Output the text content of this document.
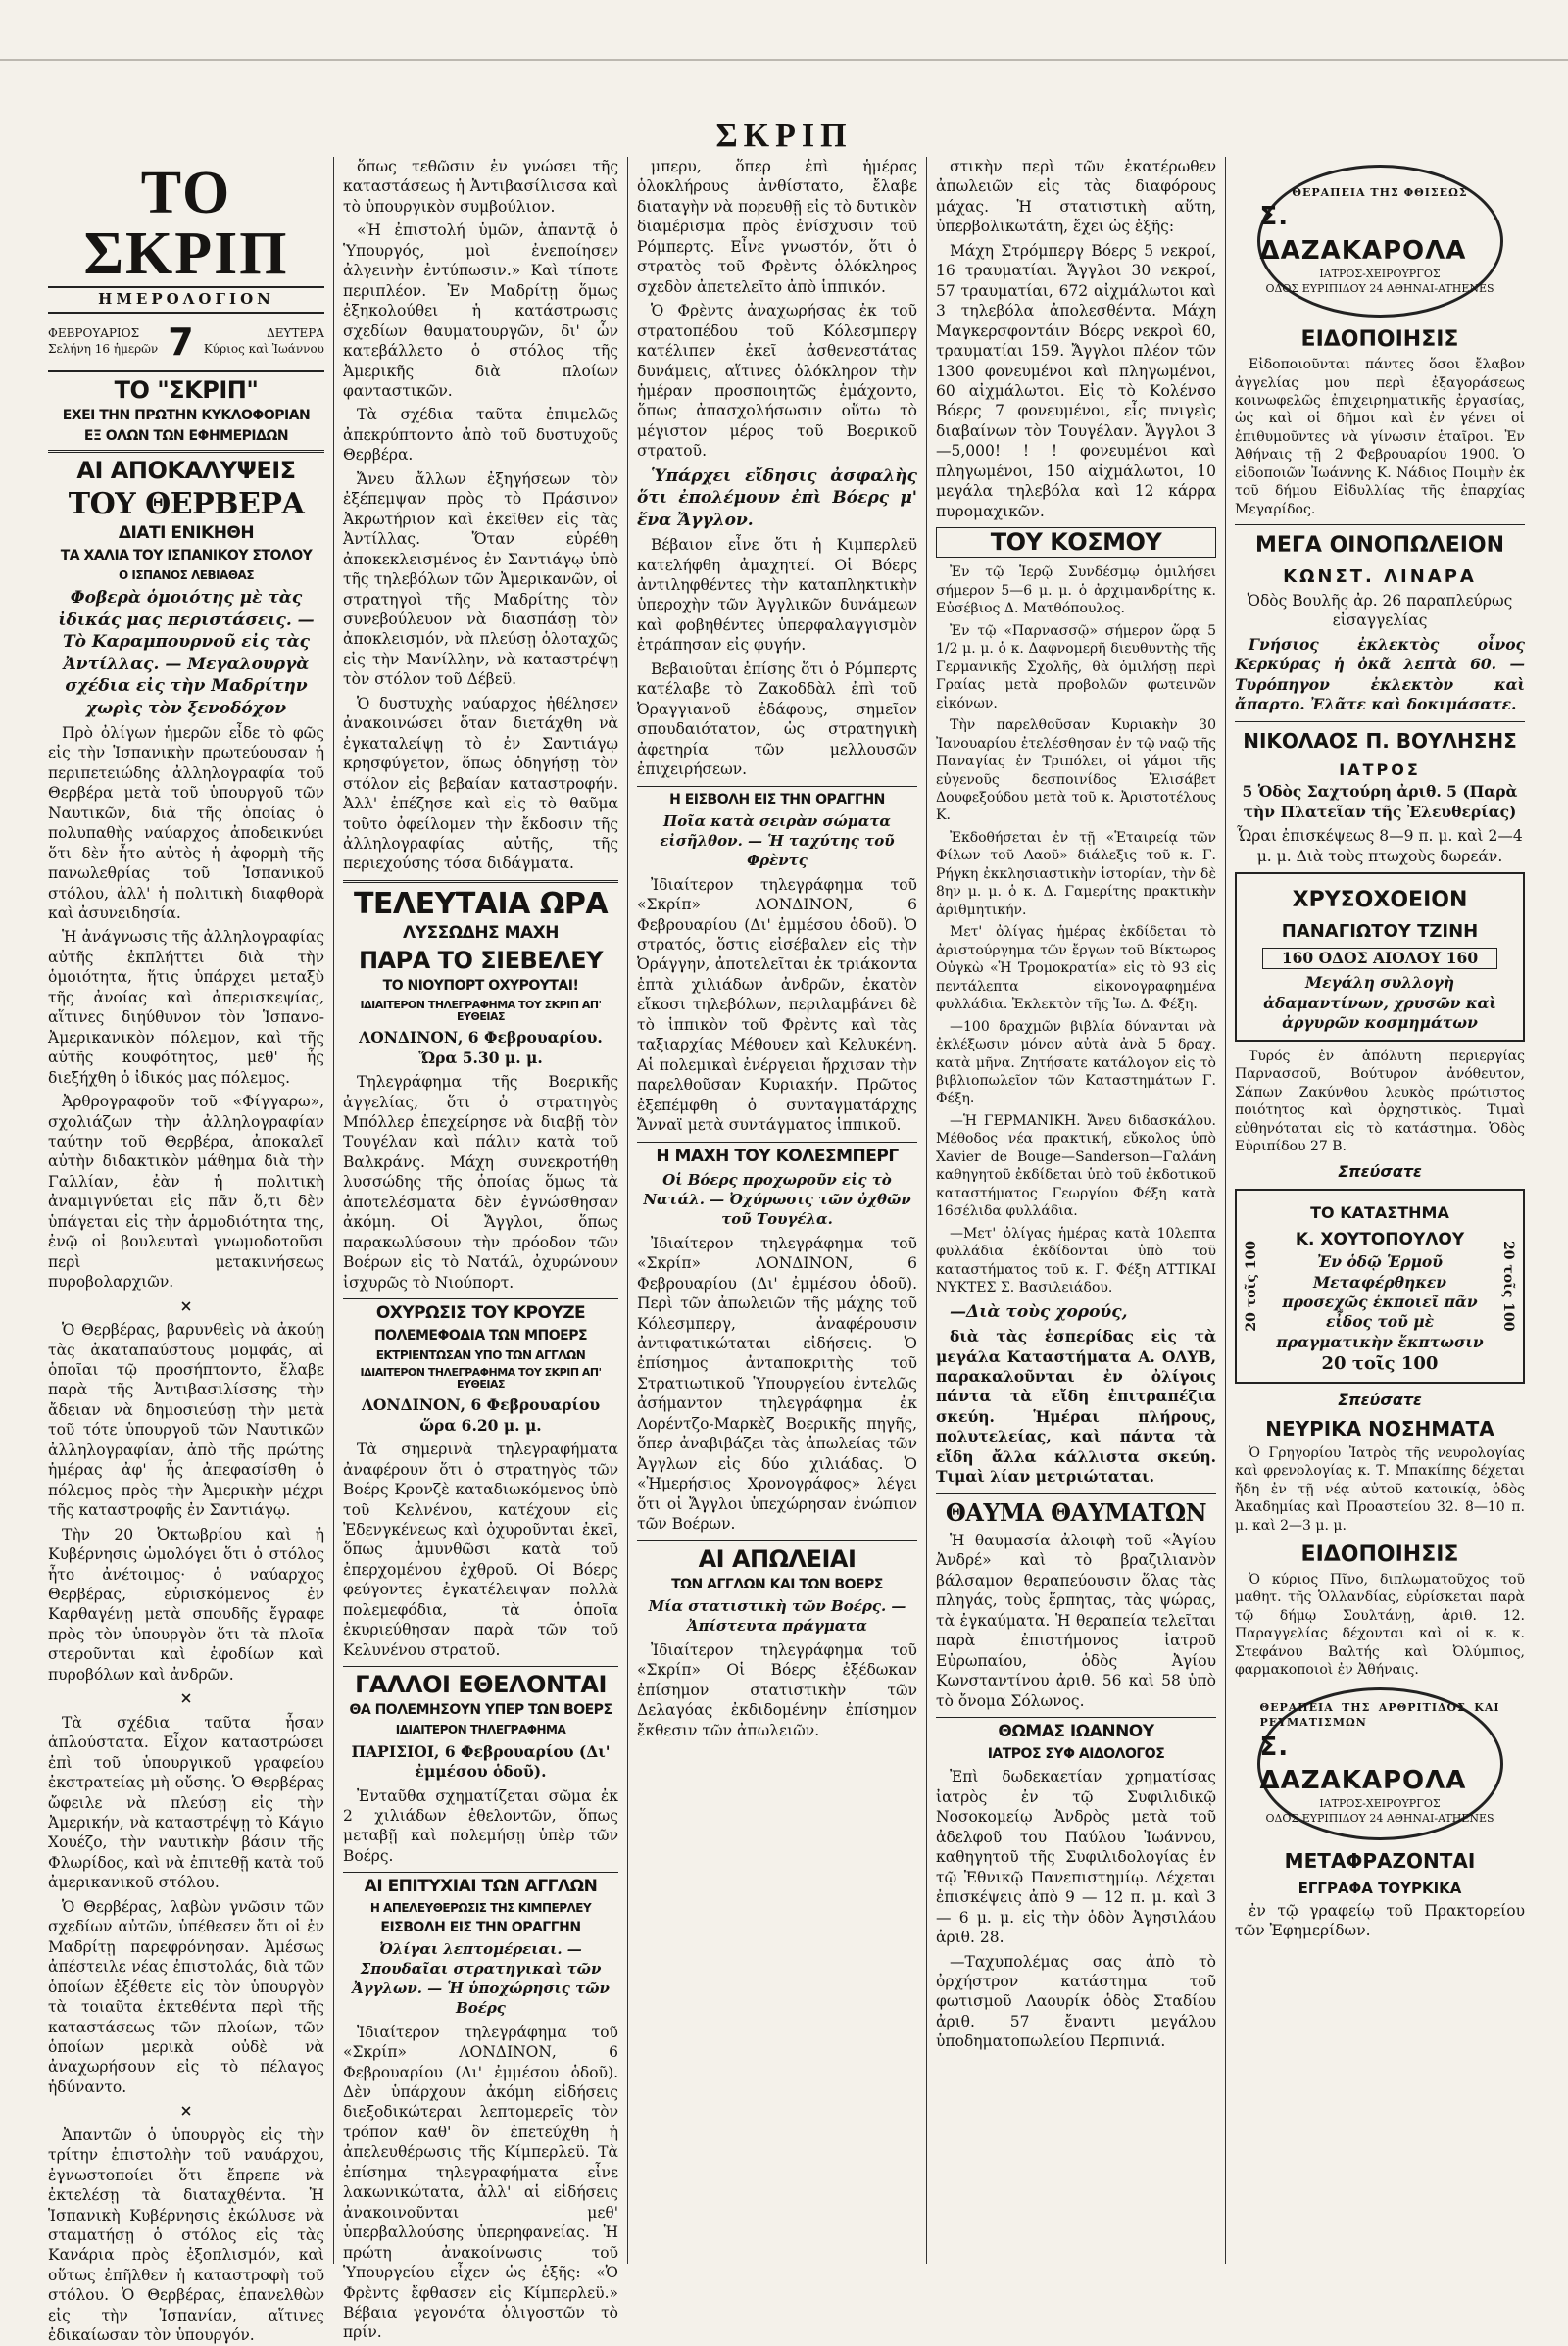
ΣΚΡΙΠ
ΤΟ ΣΚΡΙΠ
ΗΜΕΡΟΛΟΓΙΟΝ
ΦΕΒΡΟΥΑΡΙΟΣ
Σελήνη 16 ἡμερῶν 7	ΔΕΥΤΕΡΑ
Κύριος καὶ Ἰωάννου
ΤΟ "ΣΚΡΙΠ"
ΕΧΕΙ ΤΗΝ ΠΡΩΤΗΝ ΚΥΚΛΟΦΟΡΙΑΝ
ΕΞ ΟΛΩΝ ΤΩΝ ΕΦΗΜΕΡΙΔΩΝ
ΑΙ ΑΠΟΚΑΛΥΨΕΙΣ
ΤΟΥ ΘΕΡΒΕΡΑ
ΔΙΑΤΙ ΕΝΙΚΗΘΗ
ΤΑ ΧΑΛΙΑ ΤΟΥ ΙΣΠΑΝΙΚΟΥ ΣΤΟΛΟΥ
Ο ΙΣΠΑΝΟΣ ΛΕΒΙΑΘΑΣ

Φοβερὰ ὁμοιότης μὲ τὰς ἰδικάς μας περιστάσεις. — Τὸ Καραμπουρνοῦ εἰς τὰς Ἀντίλλας. — Μεγαλουργὰ σχέδια εἰς τὴν Μαδρίτην χωρὶς τὸν ξενοδόχον

Πρὸ ὀλίγων ἡμερῶν εἶδε τὸ φῶς εἰς τὴν Ἱσπανικὴν πρωτεύουσαν ἡ περιπετειώδης ἀλληλογραφία τοῦ Θερβέρα μετὰ τοῦ ὑπουργοῦ τῶν Ναυτικῶν, διὰ τῆς ὁποίας ὁ πολυπαθὴς ναύαρχος ἀποδεικνύει ὅτι δὲν ἦτο αὐτὸς ἡ ἀφορμὴ τῆς πανωλεθρίας τοῦ Ἱσπανικοῦ στόλου, ἀλλ' ἡ πολιτικὴ διαφθορὰ καὶ ἀσυνειδησία.

Ἡ ἀνάγνωσις τῆς ἀλληλογραφίας αὐτῆς ἐκπλήττει διὰ τὴν ὁμοιότητα, ἥτις ὑπάρχει μεταξὺ τῆς ἀνοίας καὶ ἀπερισκεψίας, αἵτινες διηύθυνον τὸν Ἱσπανο-Ἀμερικανικὸν πόλεμον, καὶ τῆς αὐτῆς κουφότητος, μεθ' ἧς διεξήχθη ὁ ἰδικός μας πόλεμος.

Ἀρθρογραφοῦν τοῦ «Φίγγαρω», σχολιάζων τὴν ἀλληλογραφίαν ταύτην τοῦ Θερβέρα, ἀποκαλεῖ αὐτὴν διδακτικὸν μάθημα διὰ τὴν Γαλλίαν, ἐὰν ἡ πολιτικὴ ἀναμιγνύεται εἰς πᾶν ὅ,τι δὲν ὑπάγεται εἰς τὴν ἁρμοδιότητα της, ἐνῷ οἱ βουλευταὶ γνωμοδοτοῦσι περὶ μετακινήσεως πυροβολαρχιῶν.

×

Ὁ Θερβέρας, βαρυνθεὶς νὰ ἀκούῃ τὰς ἀκαταπαύστους μομφάς, αἱ ὁποῖαι τῷ προσήπτοντο, ἔλαβε παρὰ τῆς Ἀντιβασιλίσσης τὴν ἄδειαν νὰ δημοσιεύσῃ τὴν μετὰ τοῦ τότε ὑπουργοῦ τῶν Ναυτικῶν ἀλληλογραφίαν, ἀπὸ τῆς πρώτης ἡμέρας ἀφ' ἧς ἀπεφασίσθη ὁ πόλεμος πρὸς τὴν Ἀμερικὴν μέχρι τῆς καταστροφῆς ἐν Σαντιάγῳ.

Τὴν 20 Ὀκτωβρίου καὶ ἡ Κυβέρνησις ὡμολόγει ὅτι ὁ στόλος ἦτο ἀνέτοιμος· ὁ ναύαρχος Θερβέρας, εὑρισκόμενος ἐν Καρθαγένῃ μετὰ σπουδῆς ἔγραφε πρὸς τὸν ὑπουργὸν ὅτι τὰ πλοῖα στεροῦνται καὶ ἐφοδίων καὶ πυροβόλων καὶ ἀνδρῶν.

×

Τὰ σχέδια ταῦτα ἦσαν ἀπλούστατα. Εἶχον καταστρώσει ἐπὶ τοῦ ὑπουργικοῦ γραφείου ἐκστρατείας μὴ οὔσης. Ὁ Θερβέρας ὤφειλε νὰ πλεύσῃ εἰς τὴν Ἀμερικήν, νὰ καταστρέψῃ τὸ Κάγιο Χουέζο, τὴν ναυτικὴν βάσιν τῆς Φλωρίδος, καὶ νὰ ἐπιτεθῇ κατὰ τοῦ ἀμερικανικοῦ στόλου.

Ὁ Θερβέρας, λαβὼν γνῶσιν τῶν σχεδίων αὐτῶν, ὑπέθεσεν ὅτι οἱ ἐν Μαδρίτῃ παρεφρόνησαν. Ἀμέσως ἀπέστειλε νέας ἐπιστολάς, διὰ τῶν ὁποίων ἐξέθετε εἰς τὸν ὑπουργὸν τὰ τοιαῦτα ἐκτεθέντα περὶ τῆς καταστάσεως τῶν πλοίων, τῶν ὁποίων μερικὰ οὐδὲ νὰ ἀναχωρήσουν εἰς τὸ πέλαγος ἠδύναντο.

×

Ἀπαντῶν ὁ ὑπουργὸς εἰς τὴν τρίτην ἐπιστολὴν τοῦ ναυάρχου, ἐγνωστοποίει ὅτι ἔπρεπε νὰ ἐκτελέσῃ τὰ διαταχθέντα. Ἡ Ἱσπανικὴ Κυβέρνησις ἐκώλυσε νὰ σταματήσῃ ὁ στόλος εἰς τὰς Κανάρια πρὸς ἐξοπλισμόν, καὶ οὕτως ἐπῆλθεν ἡ καταστροφὴ τοῦ στόλου. Ὁ Θερβέρας, ἐπανελθὼν εἰς τὴν Ἱσπανίαν, αἵτινες ἐδικαίωσαν τὸν ὑπουργόν.

ὅπως τεθῶσιν ἐν γνώσει τῆς καταστάσεως ἡ Ἀντιβασίλισσα καὶ τὸ ὑπουργικὸν συμβούλιον.

«Ἡ ἐπιστολή ὑμῶν, ἀπαντᾷ ὁ Ὑπουργός, μοὶ ἐνεποίησεν ἀλγεινὴν ἐντύπωσιν.» Καὶ τίποτε περιπλέον. Ἐν Μαδρίτῃ ὅμως ἐξηκολούθει ἡ κατάστρωσις σχεδίων θαυματουργῶν, δι' ὧν κατεβάλλετο ὁ στόλος τῆς Ἀμερικῆς διὰ πλοίων φανταστικῶν.

Τὰ σχέδια ταῦτα ἐπιμελῶς ἀπεκρύπτοντο ἀπὸ τοῦ δυστυχοῦς Θερβέρα.

Ἄνευ ἄλλων ἐξηγήσεων τὸν ἐξέπεμψαν πρὸς τὸ Πράσινον Ἀκρωτήριον καὶ ἐκεῖθεν εἰς τὰς Ἀντίλλας. Ὅταν εὑρέθη ἀποκεκλεισμένος ἐν Σαντιάγῳ ὑπὸ τῆς τηλεβόλων τῶν Ἀμερικανῶν, οἱ στρατηγοὶ τῆς Μαδρίτης τὸν συνεβούλευον νὰ διασπάσῃ τὸν ἀποκλεισμόν, νὰ πλεύσῃ ὁλοταχῶς εἰς τὴν Μανίλλην, νὰ καταστρέψῃ τὸν στόλον τοῦ Δέβεϋ.

Ὁ δυστυχὴς ναύαρχος ἠθέλησεν ἀνακοινώσει ὅταν διετάχθη νὰ ἐγκαταλείψῃ τὸ ἐν Σαντιάγῳ κρησφύγετον, ὅπως ὁδηγήσῃ τὸν στόλον εἰς βεβαίαν καταστροφήν. Ἀλλ' ἐπέζησε καὶ εἰς τὸ θαῦμα τοῦτο ὀφείλομεν τὴν ἔκδοσιν τῆς ἀλληλογραφίας αὐτῆς, τῆς περιεχούσης τόσα διδάγματα.

ΤΕΛΕΥΤΑΙΑ ΩΡΑ
ΛΥΣΣΩΔΗΣ ΜΑΧΗ
ΠΑΡΑ ΤΟ ΣΙΕΒΕΛΕΥ
ΤΟ ΝΙΟΥΠΟΡΤ ΟΧΥΡΟΥΤΑΙ!
ΙΔΙΑΙΤΕΡΟΝ ΤΗΛΕΓΡΑΦΗΜΑ ΤΟΥ ΣΚΡΙΠ ΑΠ' ΕΥΘΕΙΑΣ

ΛΟΝΔΙΝΟΝ, 6 Φεβρουαρίου. Ὥρα 5.30 μ. μ.

Τηλεγράφημα τῆς Βοερικῆς ἀγγελίας, ὅτι ὁ στρατηγὸς Μπόλλερ ἐπεχείρησε νὰ διαβῇ τὸν Τουγέλαν καὶ πάλιν κατὰ τοῦ Βαλκράνς. Μάχη συνεκροτήθη λυσσώδης τῆς ὁποίας ὅμως τὰ ἀποτελέσματα δὲν ἐγνώσθησαν ἀκόμη. Οἱ Ἄγγλοι, ὅπως παρακωλύσουν τὴν πρόοδον τῶν Βοέρων εἰς τὸ Νατάλ, ὀχυρώνουν ἰσχυρῶς τὸ Νιούπορτ.

ΟΧΥΡΩΣΙΣ ΤΟΥ ΚΡΟΥΖΕ
ΠΟΛΕΜΕΦΟΔΙΑ ΤΩΝ ΜΠΟΕΡΣ
ΕΚΤΡΙΕΝΤΩΣΑΝ ΥΠΟ ΤΩΝ ΑΓΓΛΩΝ
ΙΔΙΑΙΤΕΡΟΝ ΤΗΛΕΓΡΑΦΗΜΑ ΤΟΥ ΣΚΡΙΠ ΑΠ' ΕΥΘΕΙΑΣ

ΛΟΝΔΙΝΟΝ, 6 Φεβρουαρίου ὥρα 6.20 μ. μ.

Τὰ σημερινὰ τηλεγραφήματα ἀναφέρουν ὅτι ὁ στρατηγὸς τῶν Βοέρς Κρονζὲ καταδιωκόμενος ὑπὸ τοῦ Κελνένου, κατέχουν εἰς Ἐδενγκένεως καὶ ὀχυροῦνται ἐκεῖ, ὅπως ἀμυνθῶσι κατὰ τοῦ ἐπερχομένου ἐχθροῦ. Οἱ Βόερς φεύγοντες ἐγκατέλειψαν πολλὰ πολεμεφόδια, τὰ ὁποῖα ἐκυριεύθησαν παρὰ τῶν τοῦ Κελυνένου στρατοῦ.

ΓΑΛΛΟΙ ΕΘΕΛΟΝΤΑΙ
ΘΑ ΠΟΛΕΜΗΣΟΥΝ ΥΠΕΡ ΤΩΝ ΒΟΕΡΣ
ΙΔΙΑΙΤΕΡΟΝ ΤΗΛΕΓΡΑΦΗΜΑ

ΠΑΡΙΣΙΟΙ, 6 Φεβρουαρίου (Δι' ἐμμέσου ὁδοῦ).

Ἐνταῦθα σχηματίζεται σῶμα ἐκ 2 χιλιάδων ἐθελοντῶν, ὅπως μεταβῇ καὶ πολεμήσῃ ὑπὲρ τῶν Βοέρς.

ΑΙ ΕΠΙΤΥΧΙΑΙ ΤΩΝ ΑΓΓΛΩΝ
Η ΑΠΕΛΕΥΘΕΡΩΣΙΣ ΤΗΣ ΚΙΜΠΕΡΛΕΥ
ΕΙΣΒΟΛΗ ΕΙΣ ΤΗΝ ΟΡΑΓΓΗΝ

Ὀλίγαι λεπτομέρειαι. — Σπουδαῖαι στρατηγικαὶ τῶν Ἀγγλων. — Ἡ ὑποχώρησις τῶν Βοέρς

Ἰδιαίτερον τηλεγράφημα τοῦ «Σκρίπ» ΛΟΝΔΙΝΟΝ, 6 Φεβρουαρίου (Δι' ἐμμέσου ὁδοῦ). Δὲν ὑπάρχουν ἀκόμη εἰδήσεις διεξοδικώτεραι λεπτομερεῖς τὸν τρόπον καθ' ὃν ἐπετεύχθη ἡ ἀπελευθέρωσις τῆς Κίμπερλεϋ. Τὰ ἐπίσημα τηλεγραφήματα εἶνε λακωνικώτατα, ἀλλ' αἱ εἰδήσεις ἀνακοινοῦνται μεθ' ὑπερβαλλούσης ὑπερηφανείας. Ἡ πρώτη ἀνακοίνωσις τοῦ Ὑπουργείου εἶχεν ὡς ἑξῆς: «Ὁ Φρὲντς ἔφθασεν εἰς Κίμπερλεϋ.» Βέβαια γεγονότα ὀλιγοστῶν τὸ πρίν.

μπερυ, ὅπερ ἐπὶ ἡμέρας ὁλοκλήρους ἀνθίστατο, ἔλαβε διαταγὴν νὰ πορευθῇ εἰς τὸ δυτικὸν διαμέρισμα πρὸς ἐνίσχυσιν τοῦ Ρόμπερτς. Εἶνε γνωστόν, ὅτι ὁ στρατὸς τοῦ Φρὲντς ὁλόκληρος σχεδὸν ἀπετελεῖτο ἀπὸ ἱππικόν.

Ὁ Φρὲντς ἀναχωρήσας ἐκ τοῦ στρατοπέδου τοῦ Κόλεσμπεργ κατέλιπεν ἐκεῖ ἀσθενεστάτας δυνάμεις, αἵτινες ὁλόκληρον τὴν ἡμέραν προσποιητῶς ἐμάχοντο, ὅπως ἀπασχολήσωσιν οὕτω τὸ μέγιστον μέρος τοῦ Βοερικοῦ στρατοῦ.

Ὑπάρχει εἴδησις ἀσφαλὴς ὅτι ἐπολέμουν ἐπὶ Βόερς μ' ἕνα Ἄγγλον.

Βέβαιον εἶνε ὅτι ἡ Κιμπερλεϋ κατελήφθη ἀμαχητεί. Οἱ Βόερς ἀντιληφθέντες τὴν καταπληκτικὴν ὑπεροχὴν τῶν Ἀγγλικῶν δυνάμεων καὶ φοβηθέντες ὑπερφαλαγγισμὸν ἐτράπησαν εἰς φυγήν.

Βεβαιοῦται ἐπίσης ὅτι ὁ Ρόμπερτς κατέλαβε τὸ Ζακοδδὰλ ἐπὶ τοῦ Ὀραγγιανοῦ ἐδάφους, σημεῖον σπουδαιότατον, ὡς στρατηγικὴ ἀφετηρία τῶν μελλουσῶν ἐπιχειρήσεων.

Η ΕΙΣΒΟΛΗ ΕΙΣ ΤΗΝ ΟΡΑΓΓΗΝ

Ποῖα κατὰ σειρὰν σώματα εἰσῆλθον. — Ἡ ταχύτης τοῦ Φρὲντς

Ἰδιαίτερον τηλεγράφημα τοῦ «Σκρίπ» ΛΟΝΔΙΝΟΝ, 6 Φεβρουαρίου (Δι' ἐμμέσου ὁδοῦ). Ὁ στρατός, ὅστις εἰσέβαλεν εἰς τὴν Ὀράγγην, ἀποτελεῖται ἐκ τριάκοντα ἑπτὰ χιλιάδων ἀνδρῶν, ἐκατὸν εἴκοσι τηλεβόλων, περιλαμβάνει δὲ τὸ ἱππικὸν τοῦ Φρὲντς καὶ τὰς ταξιαρχίας Μέθουεν καὶ Κελυκένη. Αἱ πολεμικαὶ ἐνέργειαι ἤρχισαν τὴν παρελθοῦσαν Κυριακήν. Πρῶτος ἐξεπέμφθη ὁ συνταγματάρχης Ἄνναϊ μετὰ συντάγματος ἱππικοῦ.

Η ΜΑΧΗ ΤΟΥ ΚΟΛΕΣΜΠΕΡΓ

Οἱ Βόερς προχωροῦν εἰς τὸ Νατάλ. — Ὀχύρωσις τῶν ὀχθῶν τοῦ Τουγέλα.

Ἰδιαίτερον τηλεγράφημα τοῦ «Σκρίπ» ΛΟΝΔΙΝΟΝ, 6 Φεβρουαρίου (Δι' ἐμμέσου ὁδοῦ). Περὶ τῶν ἀπωλειῶν τῆς μάχης τοῦ Κόλεσμπεργ, ἀναφέρουσιν ἀντιφατικώταται εἰδήσεις. Ὁ ἐπίσημος ἀνταποκριτὴς τοῦ Στρατιωτικοῦ Ὑπουργείου ἐντελῶς ἀσήμαντον τηλεγράφημα ἐκ Λορέντζο-Μαρκὲζ Βοερικῆς πηγῆς, ὅπερ ἀναβιβάζει τὰς ἀπωλείας τῶν Ἀγγλων εἰς δύο χιλιάδας. Ὁ «Ἡμερήσιος Χρονογράφος» λέγει ὅτι οἱ Ἄγγλοι ὑπεχώρησαν ἐνώπιον τῶν Βοέρων.

ΑΙ ΑΠΩΛΕΙΑΙ
ΤΩΝ ΑΓΓΛΩΝ ΚΑΙ ΤΩΝ ΒΟΕΡΣ

Μία στατιστικὴ τῶν Βοέρς. — Ἀπίστευτα πράγματα

Ἰδιαίτερον τηλεγράφημα τοῦ «Σκρίπ» Οἱ Βόερς ἐξέδωκαν ἐπίσημον στατιστικὴν τῶν Δελαγόας ἐκδιδομένην ἐπίσημον ἔκθεσιν τῶν ἀπωλειῶν.

στικὴν περὶ τῶν ἑκατέρωθεν ἀπωλειῶν εἰς τὰς διαφόρους μάχας. Ἡ στατιστικὴ αὕτη, ὑπερβολικωτάτη, ἔχει ὡς ἑξῆς:

Μάχη Στρόμπεργ Βόερς 5 νεκροί, 16 τραυματίαι. Ἄγγλοι 30 νεκροί, 57 τραυματίαι, 672 αἰχμάλωτοι καὶ 3 τηλεβόλα ἀπολεσθέντα. Μάχη Μαγκερσφοντάιν Βόερς νεκροὶ 60, τραυματίαι 159. Ἄγγλοι πλέον τῶν 1300 φονευμένοι καὶ πληγωμένοι, 60 αἰχμάλωτοι. Εἰς τὸ Κολένσο Βόερς 7 φονευμένοι, εἷς πνιγεὶς διαβαίνων τὸν Τουγέλαν. Ἄγγλοι 3—5,000! ! ! φονευμένοι καὶ πληγωμένοι, 150 αἰχμάλωτοι, 10 μεγάλα τηλεβόλα καὶ 12 κάρρα πυρομαχικῶν.

ΤΟΥ ΚΟΣΜΟΥ

Ἐν τῷ Ἱερῷ Συνδέσμῳ ὁμιλήσει σήμερον 5—6 μ. μ. ὁ ἀρχιμανδρίτης κ. Εὐσέβιος Δ. Ματθόπουλος.

Ἐν τῷ «Παρνασσῷ» σήμερον ὥρᾳ 5 1/2 μ. μ. ὁ κ. Δαφνομερῆ διευθυντὴς τῆς Γερμανικῆς Σχολῆς, θὰ ὁμιλήσῃ περὶ Γραίας μετὰ προβολῶν φωτεινῶν εἰκόνων.

Τὴν παρελθοῦσαν Κυριακὴν 30 Ἰανουαρίου ἐτελέσθησαν ἐν τῷ ναῷ τῆς Παναγίας ἐν Τριπόλει, οἱ γάμοι τῆς εὐγενοῦς δεσποινίδος Ἑλισάβετ Δουφεξούδου μετὰ τοῦ κ. Ἀριστοτέλους Κ.

Ἐκδοθήσεται ἐν τῇ «Ἑταιρείᾳ τῶν Φίλων τοῦ Λαοῦ» διάλεξις τοῦ κ. Γ. Ρήγκη ἐκκλησιαστικὴν ἱστορίαν, τὴν δὲ 8ην μ. μ. ὁ κ. Δ. Γαμερίτης πρακτικὴν ἀριθμητικήν.

Μετ' ὀλίγας ἡμέρας ἐκδίδεται τὸ ἀριστούργημα τῶν ἔργων τοῦ Βίκτωρος Οὐγκὼ «Ἡ Τρομοκρατία» εἰς τὸ 93 εἰς πεντάλεπτα εἰκονογραφημένα φυλλάδια. Ἐκλεκτὸν τῆς Ἰω. Δ. Φέξη.

—100 δραχμῶν βιβλία δύνανται νὰ ἐκλέξωσιν μόνον αὐτὰ ἀνὰ 5 δραχ. κατὰ μῆνα. Ζητήσατε κατάλογον εἰς τὸ βιβλιοπωλεῖον τῶν Καταστημάτων Γ. Φέξη.

—Ἡ ΓΕΡΜΑΝΙΚΗ. Ἄνευ διδασκάλου. Μέθοδος νέα πρακτική, εὔκολος ὑπὸ Xavier de Bouge—Sanderson—Γαλάνη καθηγητοῦ ἐκδίδεται ὑπὸ τοῦ ἐκδοτικοῦ καταστήματος Γεωργίου Φέξη κατὰ 16σέλιδα φυλλάδια.

—Μετ' ὀλίγας ἡμέρας κατὰ 10λεπτα φυλλάδια ἐκδίδονται ὑπὸ τοῦ καταστήματος τοῦ κ. Γ. Φέξη ΑΤΤΙΚΑΙ ΝΥΚΤΕΣ Σ. Βασιλειάδου.

—Διὰ τοὺς χορούς,

διὰ τὰς ἑσπερίδας εἰς τὰ μεγάλα Καταστήματα Α. ΟΛΥΒ, παρακαλοῦνται ἐν ὀλίγοις πάντα τὰ εἴδη ἐπιτραπέζια σκεύη. Ἡμέραι πλήρους, πολυτελείας, καὶ πάντα τὰ εἴδη ἄλλα κάλλιστα σκεύη. Τιμαὶ λίαν μετριώταται.

ΘΑΥΜΑ ΘΑΥΜΑΤΩΝ

Ἡ θαυμασία ἀλοιφὴ τοῦ «Ἁγίου Ἀνδρέ» καὶ τὸ βραζιλιανὸν βάλσαμον θεραπεύουσιν ὅλας τὰς πληγάς, τοὺς ἕρπητας, τὰς ψώρας, τὰ ἐγκαύματα. Ἡ θεραπεία τελεῖται παρὰ ἐπιστήμονος ἰατροῦ Εὐρωπαίου, ὁδὸς Ἀγίου Κωνσταντίνου ἀριθ. 56 καὶ 58 ὑπὸ τὸ ὄνομα Σόλωνος.

ΘΩΜΑΣ ΙΩΑΝΝΟΥ
ΙΑΤΡΟΣ ΣΥΦ ΑΙΔΟΛΟΓΟΣ

Ἐπὶ δωδεκαετίαν χρηματίσας ἰατρὸς ἐν τῷ Συφιλιδικῷ Νοσοκομείῳ Ἀνδρὸς μετὰ τοῦ ἀδελφοῦ του Παύλου Ἰωάννου, καθηγητοῦ τῆς Συφιλιδολογίας ἐν τῷ Ἐθνικῷ Πανεπιστημίῳ. Δέχεται ἐπισκέψεις ἀπὸ 9 — 12 π. μ. καὶ 3 — 6 μ. μ. εἰς τὴν ὁδὸν Ἀγησιλάου ἀριθ. 28.

—Ταχυπολέμας σας ἀπὸ τὸ ὀρχήστρον κατάστημα τοῦ φωτισμοῦ Λαουρίκ ὁδὸς Σταδίου ἀριθ. 57 ἔναντι μεγάλου ὑποδηματοπωλείου Περπινιά.

ΘΕΡΑΠΕΙΑ ΤΗΣ ΦΘΙΣΕΩΣ
Σ. ΔΑΖΑΚΑΡΟΛΑ
ΙΑΤΡΟΣ-ΧΕΙΡΟΥΡΓΟΣ
ΟΔΟΣ ΕΥΡΙΠΙΔΟΥ 24 ΑΘΗΝΑΙ-ATHENES
ΕΙΔΟΠΟΙΗΣΙΣ

Εἰδοποιοῦνται πάντες ὅσοι ἔλαβον ἀγγελίας μου περὶ ἐξαγοράσεως κοινωφελῶς ἐπιχειρηματικῆς ἐργασίας, ὡς καὶ οἱ δῆμοι καὶ ἐν γένει οἱ ἐπιθυμοῦντες νὰ γίνωσιν ἑταῖροι. Ἐν Ἀθήναις τῇ 2 Φεβρουαρίου 1900. Ὁ εἰδοποιῶν Ἰωάννης Κ. Νάδιος Ποιμὴν ἐκ τοῦ δήμου Εἰδυλλίας τῆς ἐπαρχίας Μεγαρίδος.

ΜΕΓΑ ΟΙΝΟΠΩΛΕΙΟΝ
ΚΩΝΣΤ. ΛΙΝΑΡΑ

Ὁδὸς Βουλῆς ἀρ. 26 παραπλεύρως εἰσαγγελίας

Γνήσιος ἐκλεκτὸς οἶνος Κερκύρας ἡ ὀκᾶ λεπτὰ 60. — Τυρόπηγον ἐκλεκτὸν καὶ ἄπαρτο. Ἐλᾶτε καὶ δοκιμάσατε.

ΝΙΚΟΛΑΟΣ Π. ΒΟΥΛΗΣΗΣ
ΙΑΤΡΟΣ

5 Ὁδὸς Σαχτούρη ἀριθ. 5 (Παρὰ τὴν Πλατεῖαν τῆς Ἐλευθερίας)

Ὧραι ἐπισκέψεως 8—9 π. μ. καὶ 2—4 μ. μ. Διὰ τοὺς πτωχοὺς δωρεάν.

ΧΡΥΣΟΧΟΕΙΟΝ
ΠΑΝΑΓΙΩΤΟΥ ΤΖΙΝΗ
160 ΟΔΟΣ ΑΙΟΛΟΥ 160
Μεγάλη συλλογὴ ἀδαμαντίνων, χρυσῶν καὶ ἀργυρῶν κοσμημάτων

Τυρός ἐν ἀπόλυτη περιεργίας Παρνασσοῦ, Βούτυρον ἀνόθευτον, Σάπων Ζακύνθου λευκὸς πρώτιστος ποιότητος καὶ ὀρχηστικὸς. Τιμαὶ εὐθηνόταται εἰς τὸ κατάστημα. Ὁδὸς Εὐριπίδου 27 Β.

Σπεύσατε
20 τοῖς 100
ΤΟ ΚΑΤΑΣΤΗΜΑ
Κ. ΧΟΥΤΟΠΟΥΛΟΥ
Ἐν ὁδῷ Ἑρμοῦ Μεταφέρθηκεν προσεχῶς ἐκποιεῖ πᾶν εἶδος τοῦ μὲ πραγματικὴν ἔκπτωσιν
20 τοῖς 100
20 τοῖς 100
Σπεύσατε
ΝΕΥΡΙΚΑ ΝΟΣΗΜΑΤΑ

Ὁ Γρηγορίου Ἰατρὸς τῆς νευρολογίας καὶ φρενολογίας κ. Τ. Μπακίπης δέχεται ἤδη ἐν τῇ νέᾳ αὐτοῦ κατοικίᾳ, ὁδὸς Ἀκαδημίας καὶ Προαστείου 32. 8—10 π. μ. καὶ 2—3 μ. μ.

ΕΙΔΟΠΟΙΗΣΙΣ

Ὁ κύριος Πῖνο, διπλωματοῦχος τοῦ μαθητ. τῆς Ὁλλανδίας, εὑρίσκεται παρὰ τῷ δήμῳ Σουλτάνῃ, ἀριθ. 12. Παραγγελίας δέχονται καὶ οἱ κ. κ. Στεφάνου Βαλτής καὶ Ὀλύμπιος, φαρμακοποιοὶ ἐν Ἀθήναις.

ΘΕΡΑΠΕΙΑ ΤΗΣ ΑΡΘΡΙΤΙΔΟΣ ΚΑΙ ΡΕΥΜΑΤΙΣΜΩΝ
Σ. ΔΑΖΑΚΑΡΟΛΑ
ΙΑΤΡΟΣ-ΧΕΙΡΟΥΡΓΟΣ
ΟΔΟΣ ΕΥΡΙΠΙΔΟΥ 24 ΑΘΗΝΑΙ-ATHENES
ΜΕΤΑΦΡΑΖΟΝΤΑΙ
ΕΓΓΡΑΦΑ ΤΟΥΡΚΙΚΑ

ἐν τῷ γραφείῳ τοῦ Πρακτορείου τῶν Ἐφημερίδων.
